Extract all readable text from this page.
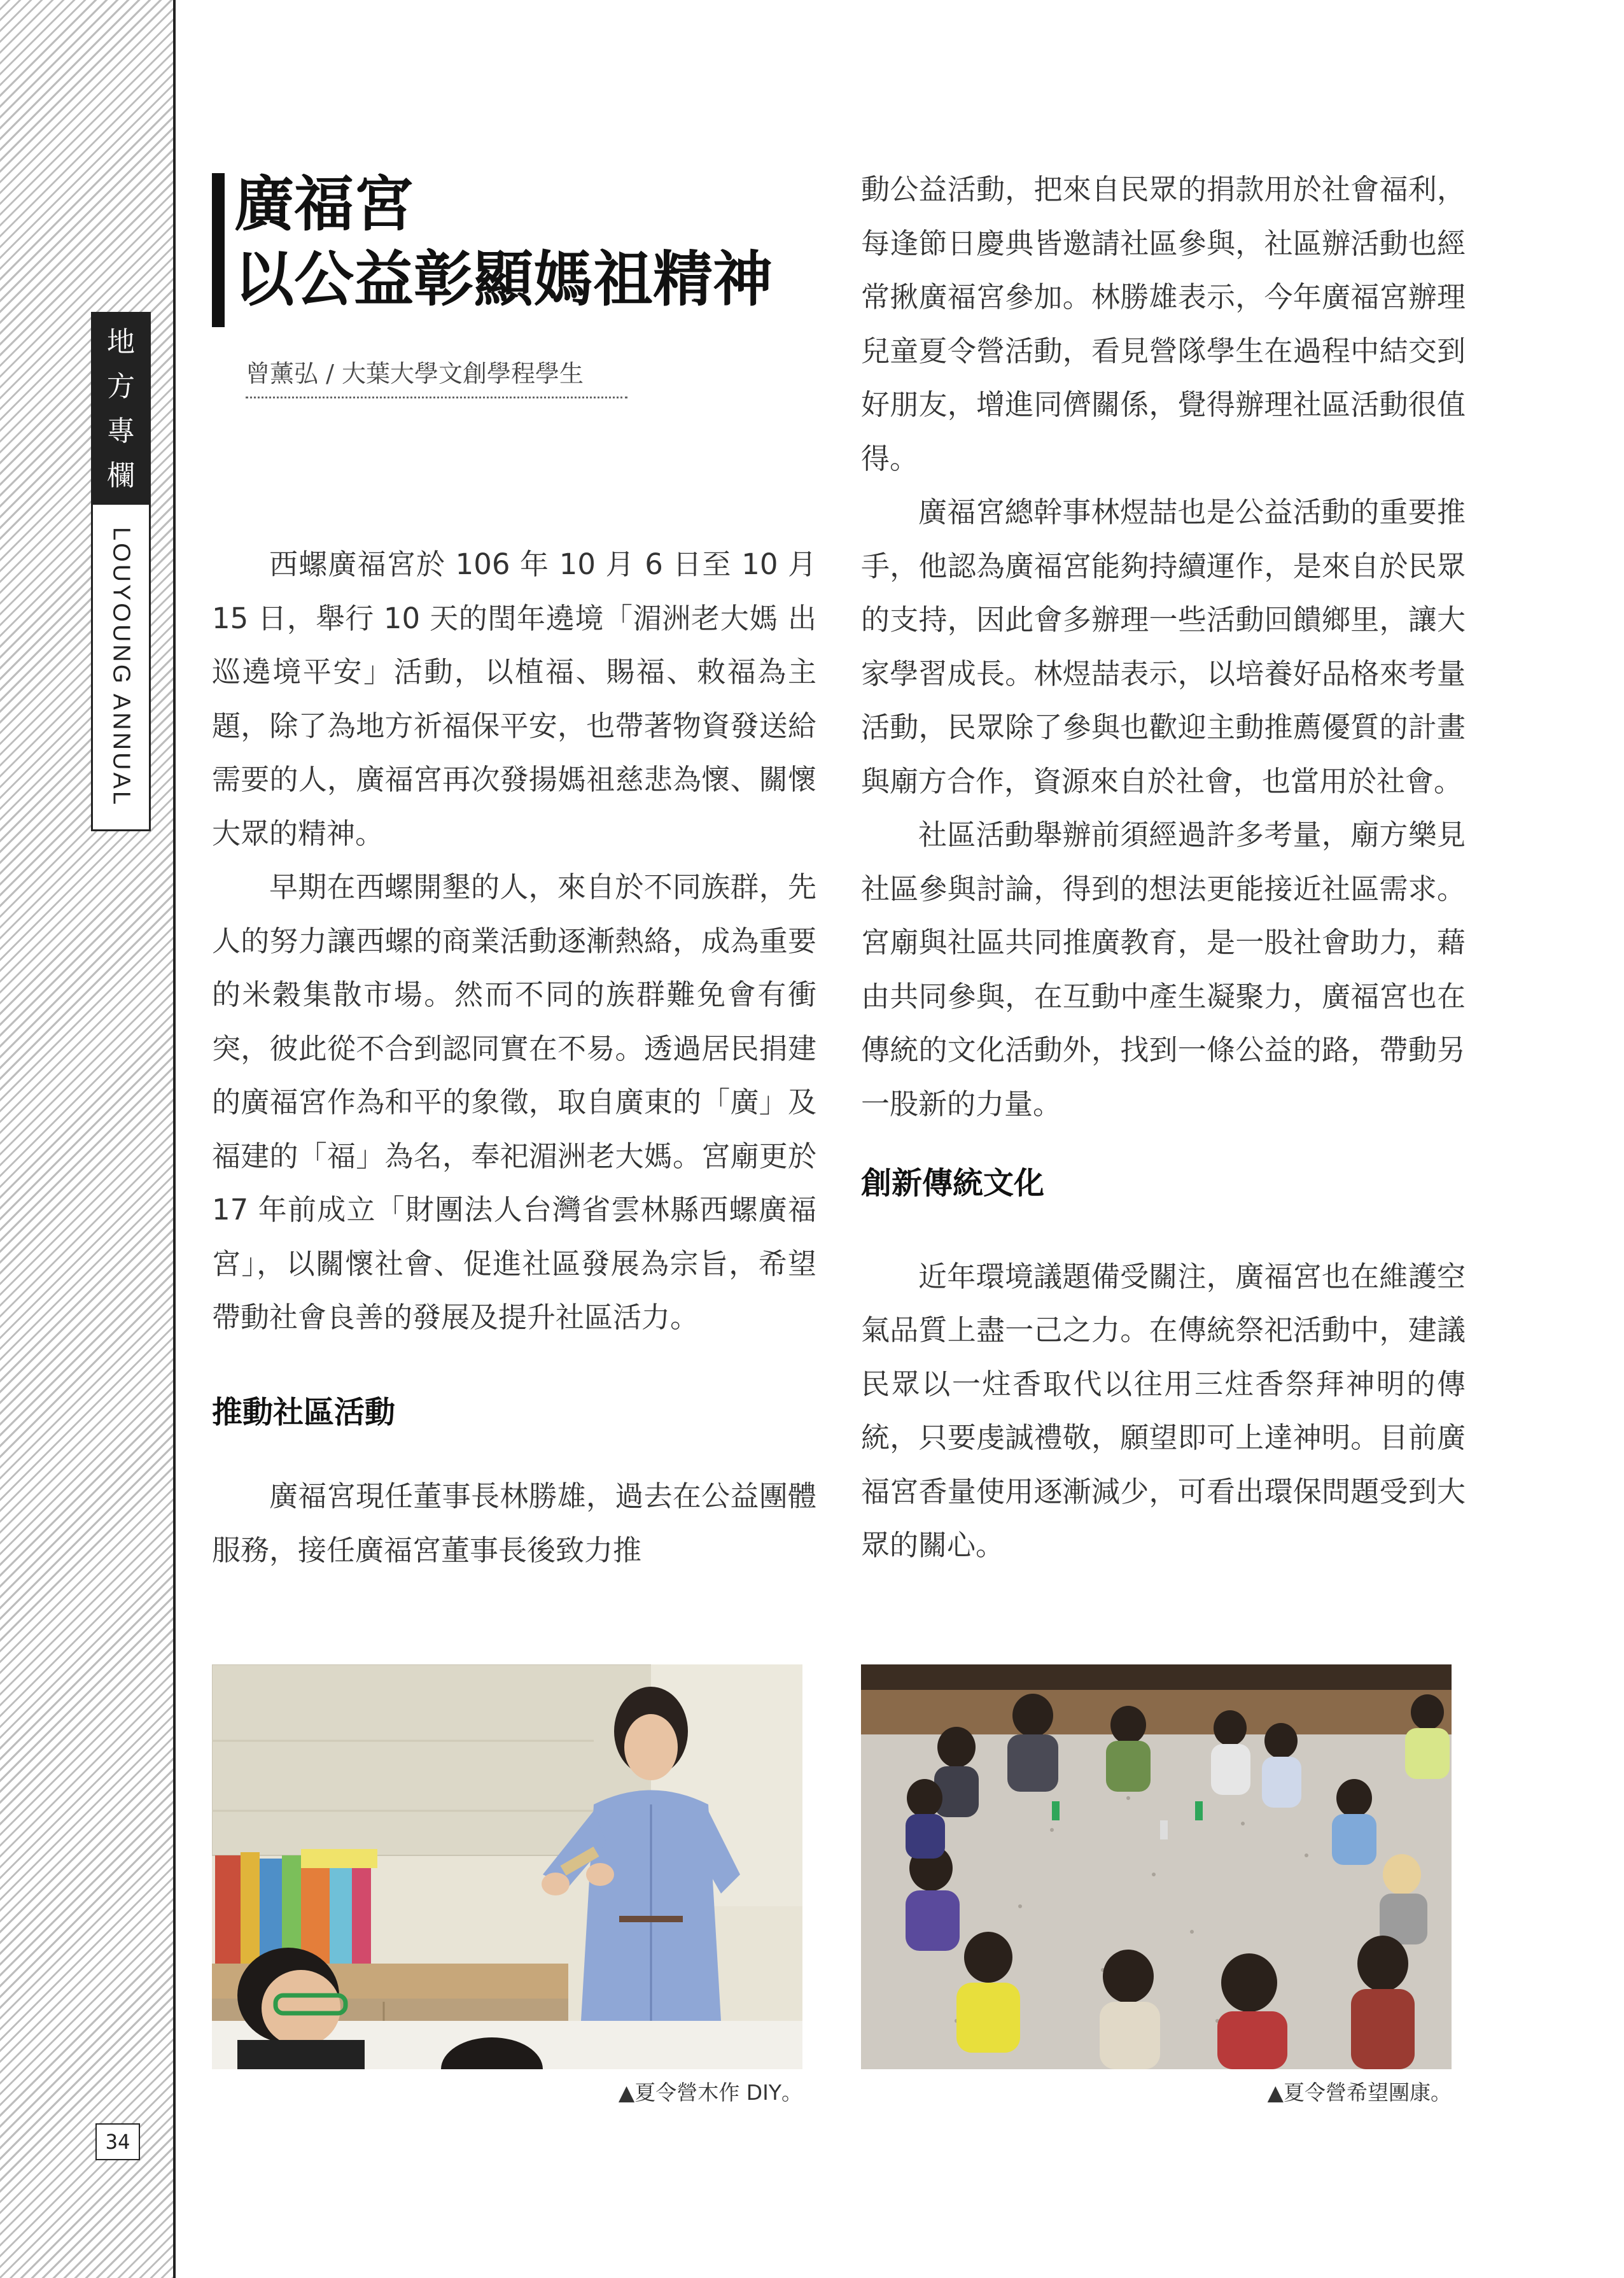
地
方
專
欄
LOUYOUNG ANNUAL
34
廣福宮
以公益彰顯媽祖精神
曾薰弘 / 大葉大學文創學程學生

西螺廣福宮於 106 年 10 月 6 日至 10 月 15 日，舉行 10 天的閏年遶境「湄洲老大媽 出巡遶境平安」活動，以植福、賜福、敕福為主題，除了為地方祈福保平安，也帶著物資發送給需要的人，廣福宮再次發揚媽祖慈悲為懷、關懷大眾的精神。

早期在西螺開墾的人，來自於不同族群，先人的努力讓西螺的商業活動逐漸熱絡，成為重要的米穀集散市場。然而不同的族群難免會有衝突，彼此從不合到認同實在不易。透過居民捐建的廣福宮作為和平的象徵，取自廣東的「廣」及福建的「福」為名，奉祀湄洲老大媽。宮廟更於 17 年前成立「財團法人台灣省雲林縣西螺廣福宮」，以關懷社會、促進社區發展為宗旨，希望帶動社會良善的發展及提升社區活力。

推動社區活動

廣福宮現任董事長林勝雄，過去在公益團體服務，接任廣福宮董事長後致力推

動公益活動，把來自民眾的捐款用於社會福利，每逢節日慶典皆邀請社區參與，社區辦活動也經常揪廣福宮參加。林勝雄表示，今年廣福宮辦理兒童夏令營活動，看見營隊學生在過程中結交到好朋友，增進同儕關係，覺得辦理社區活動很值得。

廣福宮總幹事林煜喆也是公益活動的重要推手，他認為廣福宮能夠持續運作，是來自於民眾的支持，因此會多辦理一些活動回饋鄉里，讓大家學習成長。林煜喆表示，以培養好品格來考量活動，民眾除了參與也歡迎主動推薦優質的計畫與廟方合作，資源來自於社會，也當用於社會。

社區活動舉辦前須經過許多考量，廟方樂見社區參與討論，得到的想法更能接近社區需求。宮廟與社區共同推廣教育，是一股社會助力，藉由共同參與，在互動中產生凝聚力，廣福宮也在傳統的文化活動外，找到一條公益的路，帶動另一股新的力量。

創新傳統文化

近年環境議題備受關注，廣福宮也在維護空氣品質上盡一己之力。在傳統祭祀活動中，建議民眾以一炷香取代以往用三炷香祭拜神明的傳統，只要虔誠禮敬，願望即可上達神明。目前廣福宮香量使用逐漸減少，可看出環保問題受到大眾的關心。

▲夏令營木作 DIY。	▲夏令營希望團康。
